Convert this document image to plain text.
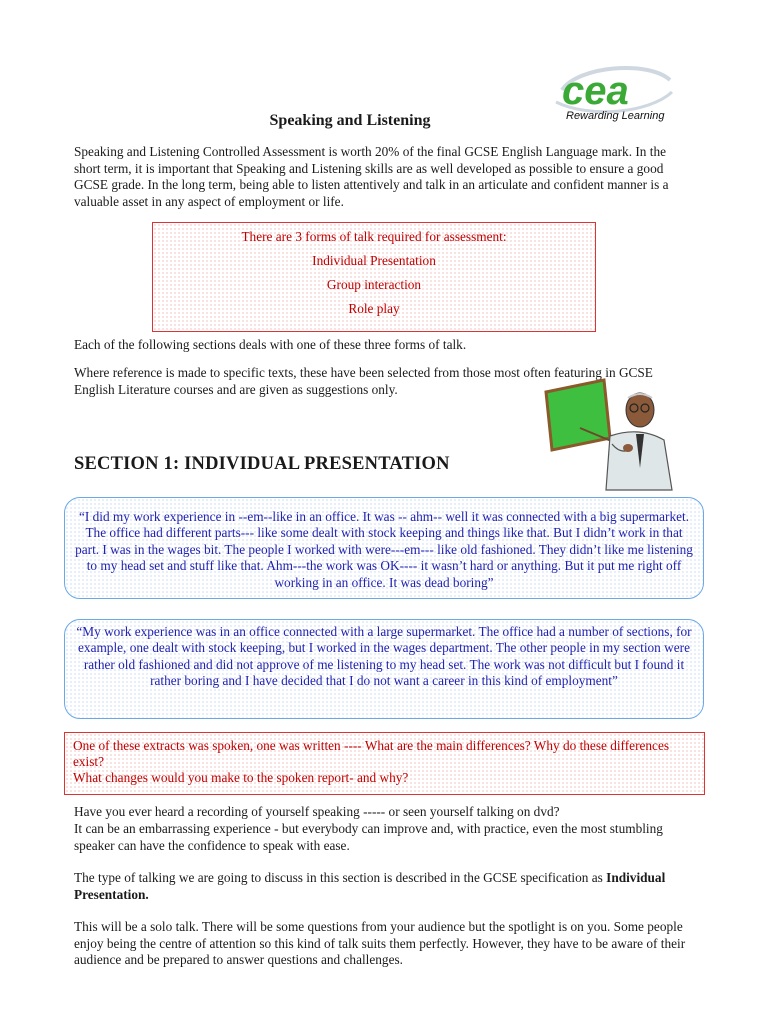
cea
Rewarding Learning
Speaking and Listening

Speaking and Listening Controlled Assessment is worth 20% of the final GCSE English Language mark. In the short term, it is important that Speaking and Listening skills are as well developed as possible to ensure a good GCSE grade. In the long term, being able to listen attentively and talk in an articulate and confident manner is a valuable asset in any aspect of employment or life.

There are 3 forms of talk required for assessment:
Individual Presentation
Group interaction
Role play

Each of the following sections deals with one of these three forms of talk.

Where reference is made to specific texts, these have been selected from those most often featuring in GCSE English Literature courses and are given as suggestions only.

SECTION 1: INDIVIDUAL PRESENTATION
“I did my work experience in --em--like in an office. It was -- ahm-- well it was connected with a big supermarket. The office had different parts--- like some dealt with stock keeping and things like that. But I didn’t work in that part. I was in the wages bit. The people I worked with were---em--- like old fashioned. They didn’t like me listening to my head set and stuff like that. Ahm---the work was OK---- it wasn’t hard or anything. But it put me right off working in an office. It was dead boring”
“My work experience was in an office connected with a large supermarket. The office had a number of sections, for example, one dealt with stock keeping, but I worked in the wages department. The other people in my section were rather old fashioned and did not approve of me listening to my head set. The work was not difficult but I found it rather boring and I have decided that I do not want a career in this kind of employment”
One of these extracts was spoken, one was written ---- What are the main differences? Why do these differences exist?
What changes would you make to the spoken report- and why?

Have you ever heard a recording of yourself speaking ----- or seen yourself talking on dvd?

It can be an embarrassing experience - but everybody can improve and, with practice, even the most stumbling speaker can have the confidence to speak with ease.

The type of talking we are going to discuss in this section is described in the GCSE specification as Individual Presentation.

This will be a solo talk. There will be some questions from your audience but the spotlight is on you. Some people enjoy being the centre of attention so this kind of talk suits them perfectly. However, they have to be aware of their audience and be prepared to answer questions and challenges.
